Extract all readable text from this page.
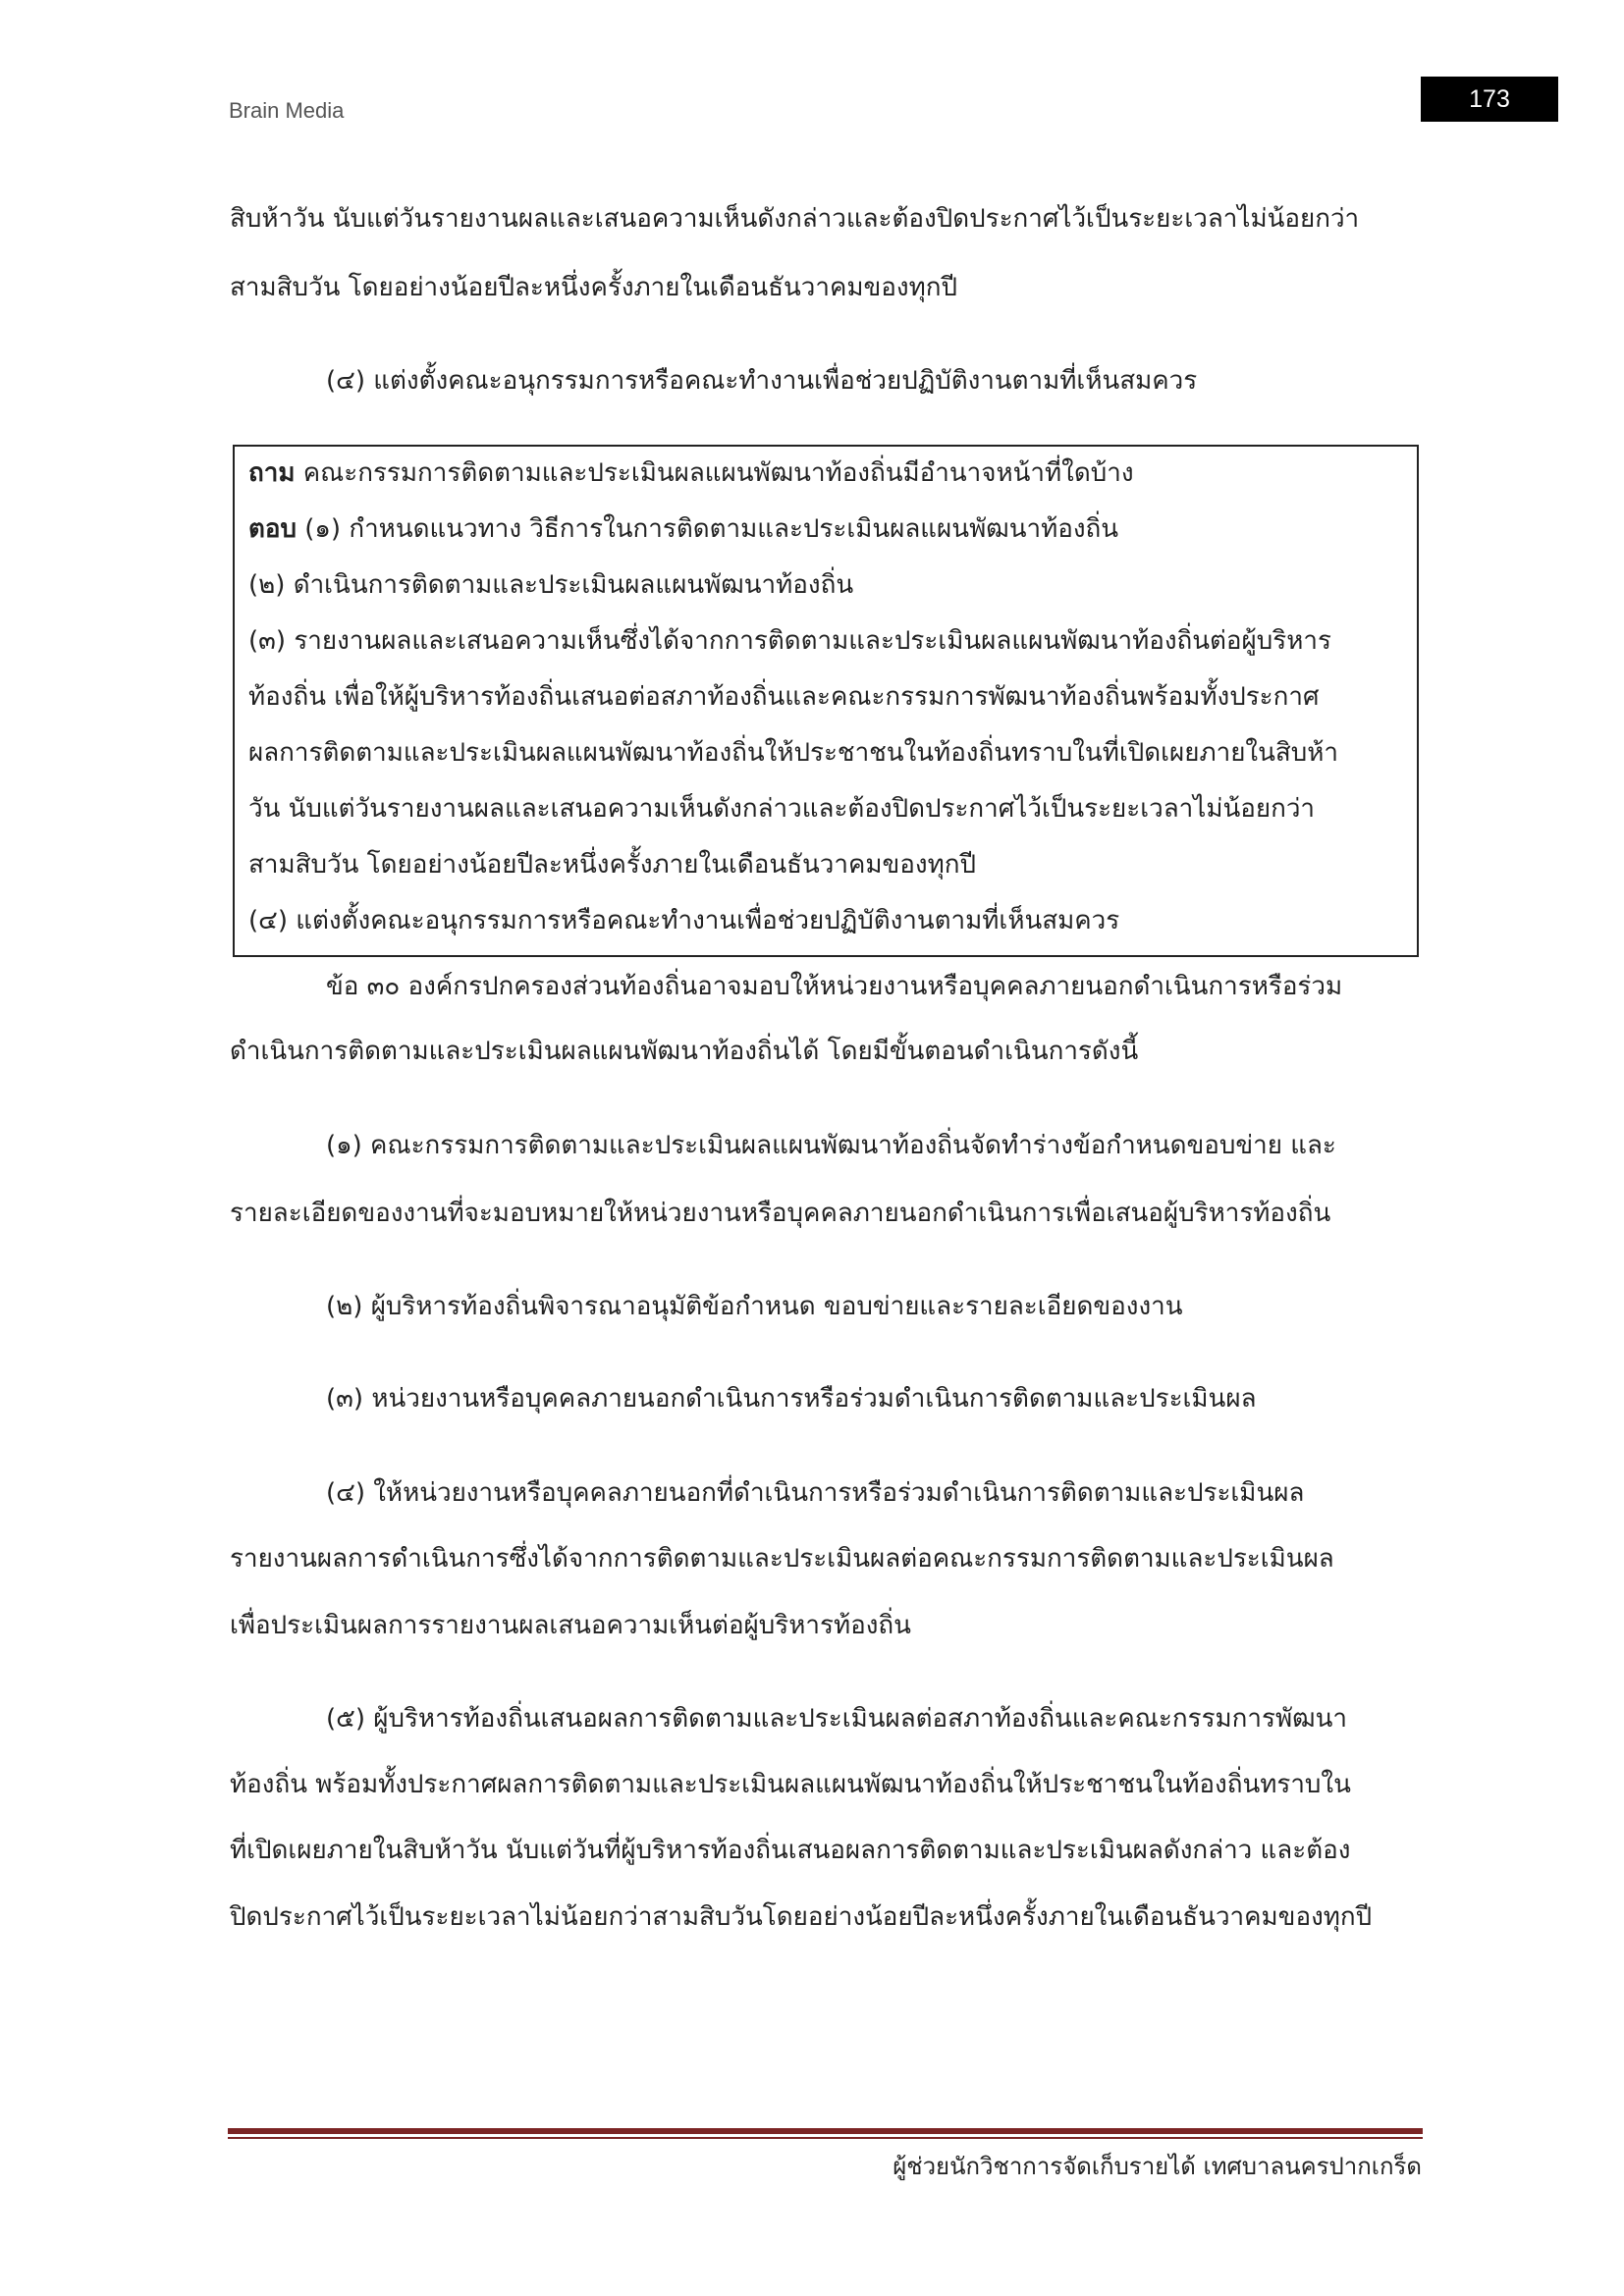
Brain Media	173
สิบห้าวัน นับแต่วันรายงานผลและเสนอความเห็นดังกล่าวและต้องปิดประกาศไว้เป็นระยะเวลาไม่น้อยกว่า
สามสิบวัน โดยอย่างน้อยปีละหนึ่งครั้งภายในเดือนธันวาคมของทุกปี
(๔) แต่งตั้งคณะอนุกรรมการหรือคณะทำงานเพื่อช่วยปฏิบัติงานตามที่เห็นสมควร
ถาม คณะกรรมการติดตามและประเมินผลแผนพัฒนาท้องถิ่นมีอำนาจหน้าที่ใดบ้าง
ตอบ (๑) กำหนดแนวทาง วิธีการในการติดตามและประเมินผลแผนพัฒนาท้องถิ่น
(๒) ดำเนินการติดตามและประเมินผลแผนพัฒนาท้องถิ่น
(๓) รายงานผลและเสนอความเห็นซึ่งได้จากการติดตามและประเมินผลแผนพัฒนาท้องถิ่นต่อผู้บริหาร
ท้องถิ่น เพื่อให้ผู้บริหารท้องถิ่นเสนอต่อสภาท้องถิ่นและคณะกรรมการพัฒนาท้องถิ่นพร้อมทั้งประกาศ
ผลการติดตามและประเมินผลแผนพัฒนาท้องถิ่นให้ประชาชนในท้องถิ่นทราบในที่เปิดเผยภายในสิบห้า
วัน นับแต่วันรายงานผลและเสนอความเห็นดังกล่าวและต้องปิดประกาศไว้เป็นระยะเวลาไม่น้อยกว่า
สามสิบวัน โดยอย่างน้อยปีละหนึ่งครั้งภายในเดือนธันวาคมของทุกปี
(๔) แต่งตั้งคณะอนุกรรมการหรือคณะทำงานเพื่อช่วยปฏิบัติงานตามที่เห็นสมควร
ข้อ ๓๐ องค์กรปกครองส่วนท้องถิ่นอาจมอบให้หน่วยงานหรือบุคคลภายนอกดำเนินการหรือร่วม
ดำเนินการติดตามและประเมินผลแผนพัฒนาท้องถิ่นได้ โดยมีขั้นตอนดำเนินการดังนี้
(๑) คณะกรรมการติดตามและประเมินผลแผนพัฒนาท้องถิ่นจัดทำร่างข้อกำหนดขอบข่าย และ
รายละเอียดของงานที่จะมอบหมายให้หน่วยงานหรือบุคคลภายนอกดำเนินการเพื่อเสนอผู้บริหารท้องถิ่น
(๒) ผู้บริหารท้องถิ่นพิจารณาอนุมัติข้อกำหนด ขอบข่ายและรายละเอียดของงาน
(๓) หน่วยงานหรือบุคคลภายนอกดำเนินการหรือร่วมดำเนินการติดตามและประเมินผล
(๔) ให้หน่วยงานหรือบุคคลภายนอกที่ดำเนินการหรือร่วมดำเนินการติดตามและประเมินผล
รายงานผลการดำเนินการซึ่งได้จากการติดตามและประเมินผลต่อคณะกรรมการติดตามและประเมินผล
เพื่อประเมินผลการรายงานผลเสนอความเห็นต่อผู้บริหารท้องถิ่น
(๕) ผู้บริหารท้องถิ่นเสนอผลการติดตามและประเมินผลต่อสภาท้องถิ่นและคณะกรรมการพัฒนา
ท้องถิ่น พร้อมทั้งประกาศผลการติดตามและประเมินผลแผนพัฒนาท้องถิ่นให้ประชาชนในท้องถิ่นทราบใน
ที่เปิดเผยภายในสิบห้าวัน นับแต่วันที่ผู้บริหารท้องถิ่นเสนอผลการติดตามและประเมินผลดังกล่าว และต้อง
ปิดประกาศไว้เป็นระยะเวลาไม่น้อยกว่าสามสิบวันโดยอย่างน้อยปีละหนึ่งครั้งภายในเดือนธันวาคมของทุกปี
ผู้ช่วยนักวิชาการจัดเก็บรายได้ เทศบาลนครปากเกร็ด
